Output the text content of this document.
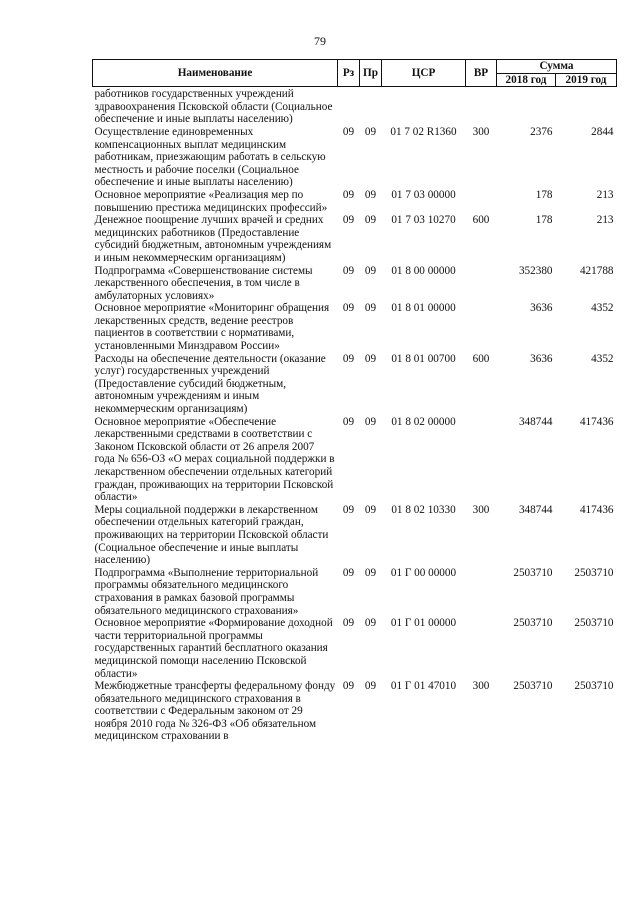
79
Наименование	Рз	Пр	ЦСР	ВР	Сумма	
					2018 год	2019 год
работников государственных учреждений здравоохранения Псковской области (Социальное обеспечение и иные выплаты населению)						
Осуществление единовременных компенсационных выплат медицинским работникам, приезжающим работать в сельскую местность и рабочие поселки (Социальное обеспечение и иные выплаты населению)	09	09	01 7 02 R1360	300	2376	2844
Основное мероприятие «Реализация мер по повышению престижа медицинских профессий»	09	09	01 7 03 00000		178	213
Денежное поощрение лучших врачей и средних медицинских работников (Предоставление субсидий бюджетным, автономным учреждениям и иным некоммерческим организациям)	09	09	01 7 03 10270	600	178	213
Подпрограмма «Совершенствование системы лекарственного обеспечения, в том числе в амбулаторных условиях»	09	09	01 8 00 00000		352380	421788
Основное мероприятие «Мониторинг обращения лекарственных средств, ведение реестров пациентов в соответствии с нормативами, установленными Минздравом России»	09	09	01 8 01 00000		3636	4352
Расходы на обеспечение деятельности (оказание услуг) государственных учреждений (Предоставление субсидий бюджетным, автономным учреждениям и иным некоммерческим организациям)	09	09	01 8 01 00700	600	3636	4352
Основное мероприятие «Обеспечение лекарственными средствами в соответствии с Законом Псковской области от 26 апреля 2007 года № 656-ОЗ «О мерах социальной поддержки в лекарственном обеспечении отдельных категорий граждан, проживающих на территории Псковской области»	09	09	01 8 02 00000		348744	417436
Меры социальной поддержки в лекарственном обеспечении отдельных категорий граждан, проживающих на территории Псковской области (Социальное обеспечение и иные выплаты населению)	09	09	01 8 02 10330	300	348744	417436
Подпрограмма «Выполнение территориальной программы обязательного медицинского страхования в рамках базовой программы обязательного медицинского страхования»	09	09	01 Г 00 00000		2503710	2503710
Основное мероприятие «Формирование доходной части территориальной программы государственных гарантий бесплатного оказания медицинской помощи населению Псковской области»	09	09	01 Г 01 00000		2503710	2503710
Межбюджетные трансферты федеральному фонду обязательного медицинского страхования в соответствии с Федеральным законом от 29 ноября 2010 года № 326-ФЗ «Об обязательном медицинском страховании в	09	09	01 Г 01 47010	300	2503710	2503710
